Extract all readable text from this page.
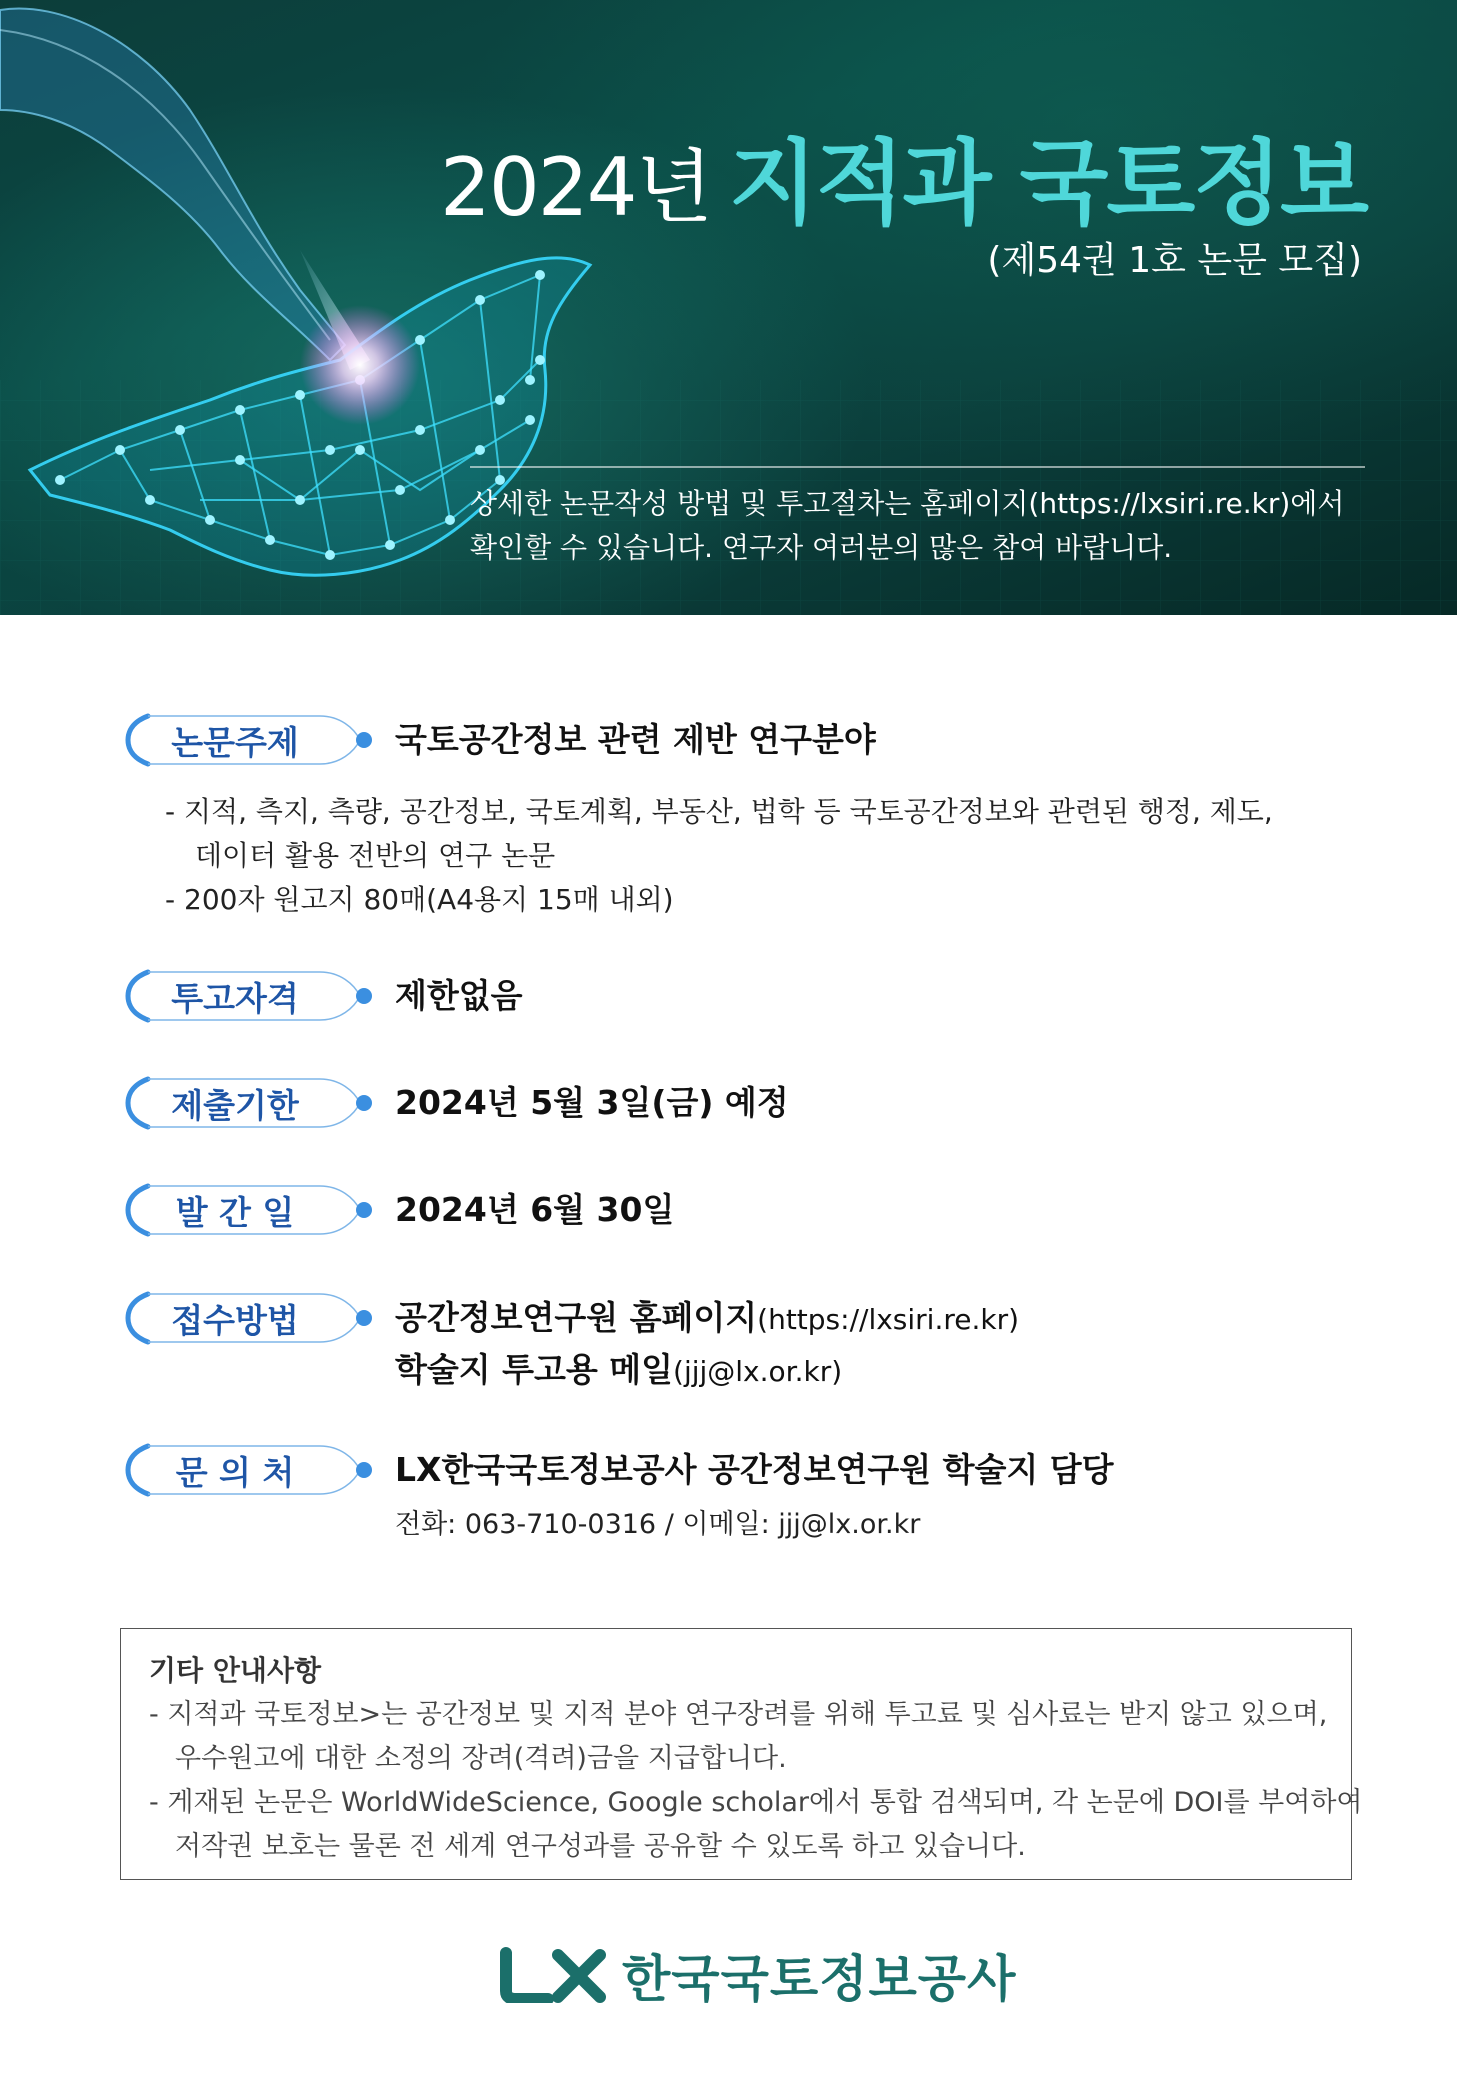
2024년 지적과 국토정보
(제54권 1호 논문 모집)
상세한 논문작성 방법 및 투고절차는 홈페이지(https://lxsiri.re.kr)에서
확인할 수 있습니다. 연구자 여러분의 많은 참여 바랍니다.
논문주제	국토공간정보 관련 제반 연구분야
- 지적, 측지, 측량, 공간정보, 국토계획, 부동산, 법학 등 국토공간정보와 관련된 행정, 제도,
데이터 활용 전반의 연구 논문
- 200자 원고지 80매(A4용지 15매 내외)
투고자격	제한없음
제출기한	2024년 5월 3일(금) 예정
발 간 일	2024년 6월 30일
접수방법	공간정보연구원 홈페이지(https://lxsiri.re.kr)
학술지 투고용 메일(jjj@lx.or.kr)
문 의 처	LX한국국토정보공사 공간정보연구원 학술지 담당
전화: 063-710-0316 / 이메일: jjj@lx.or.kr
기타 안내사항
- 지적과 국토정보>는 공간정보 및 지적 분야 연구장려를 위해 투고료 및 심사료는 받지 않고 있으며,
우수원고에 대한 소정의 장려(격려)금을 지급합니다.
- 게재된 논문은 WorldWideScience, Google scholar에서 통합 검색되며, 각 논문에 DOI를 부여하여
저작권 보호는 물론 전 세계 연구성과를 공유할 수 있도록 하고 있습니다.
한국국토정보공사
